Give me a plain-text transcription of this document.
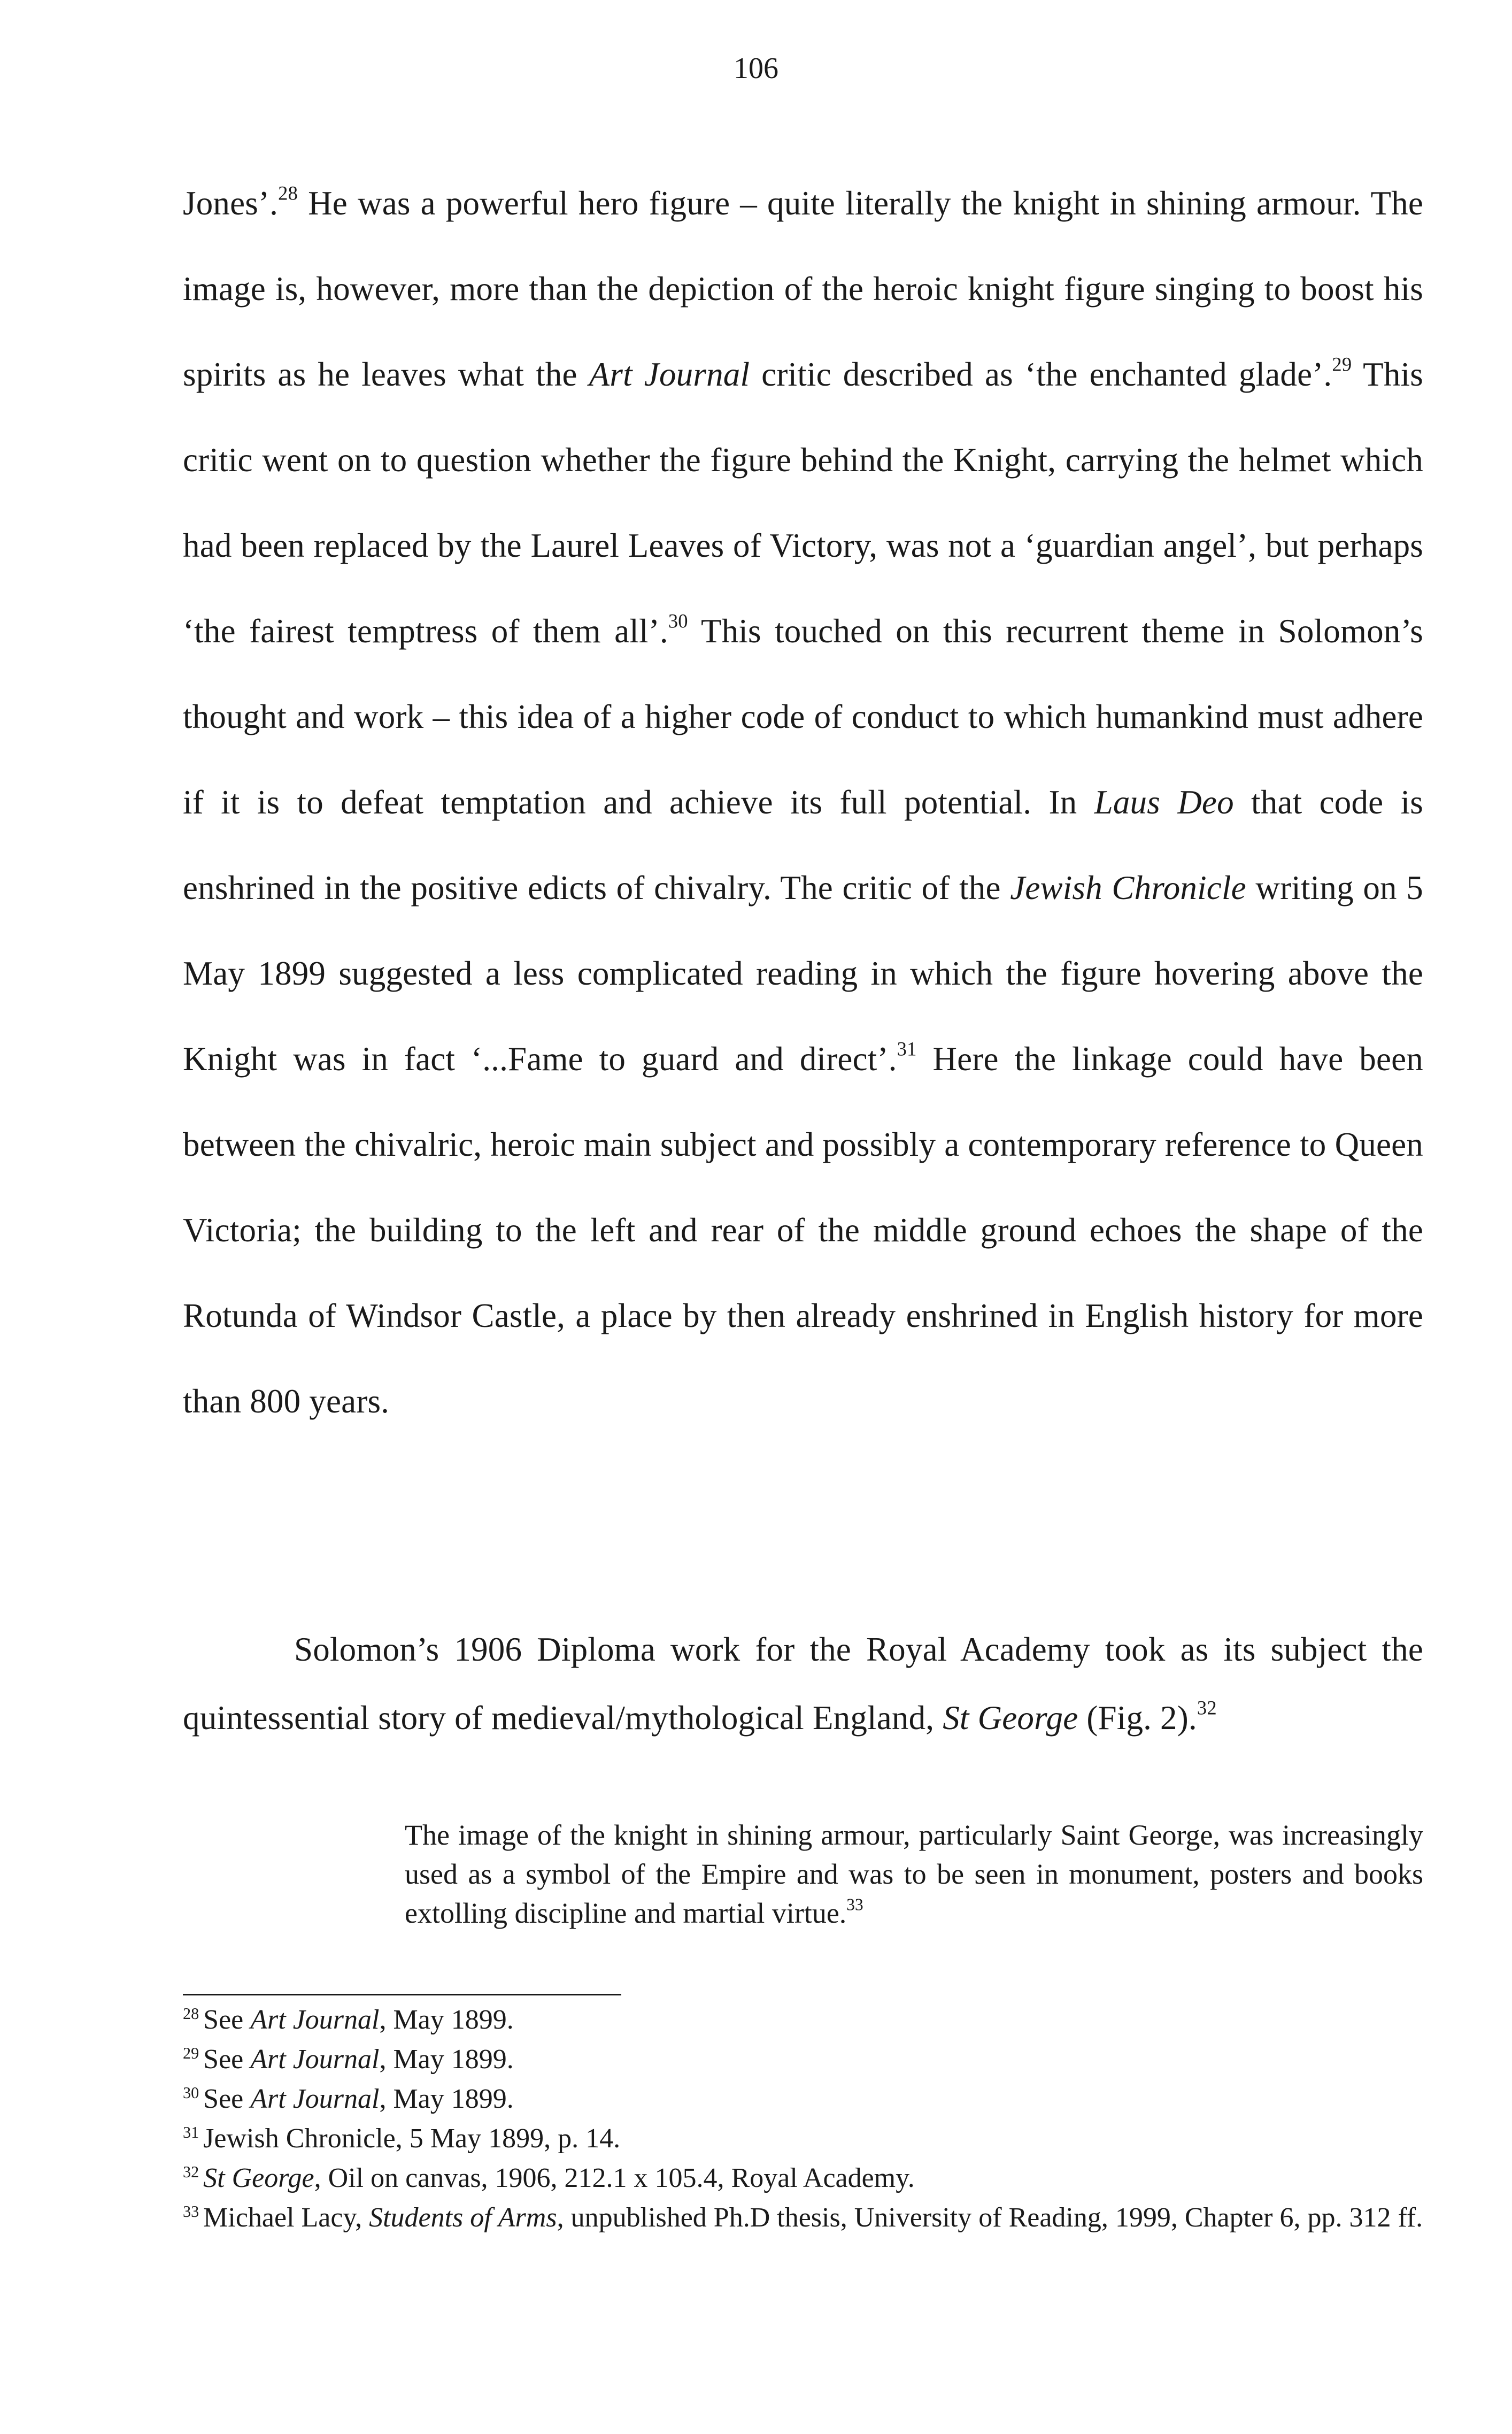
106

Jones’.$^{28}$ He was a powerful hero figure – quite literally the knight in shining armour. The image is, however, more than the depiction of the heroic knight figure singing to boost his spirits as he leaves what the Art Journal critic described as ‘the enchanted glade’.$^{29}$ This critic went on to question whether the figure behind the Knight, carrying the helmet which had been replaced by the Laurel Leaves of Victory, was not a ‘guardian angel’, but perhaps ‘the fairest temptress of them all’.$^{30}$ This touched on this recurrent theme in Solomon’s thought and work – this idea of a higher code of conduct to which humankind must adhere if it is to defeat temptation and achieve its full potential. In Laus Deo that code is enshrined in the positive edicts of chivalry. The critic of the Jewish Chronicle writing on 5 May 1899 suggested a less complicated reading in which the figure hovering above the Knight was in fact ‘...Fame to guard and direct’.$^{31}$ Here the linkage could have been between the chivalric, heroic main subject and possibly a contemporary reference to Queen Victoria; the building to the left and rear of the middle ground echoes the shape of the Rotunda of Windsor Castle, a place by then already enshrined in English history for more than 800 years.

Solomon’s 1906 Diploma work for the Royal Academy took as its subject the quintessential story of medieval/mythological England, St George (Fig. 2).$^{32}$

The image of the knight in shining armour, particularly Saint George, was increasingly used as a symbol of the Empire and was to be seen in monument, posters and books extolling discipline and martial virtue.$^{33}$

$^{28}$ See Art Journal, May 1899.

$^{29}$ See Art Journal, May 1899.

$^{30}$ See Art Journal, May 1899.

$^{31}$ Jewish Chronicle, 5 May 1899, p. 14.

$^{32}$ St George, Oil on canvas, 1906, 212.1 x 105.4, Royal Academy.

$^{33}$ Michael Lacy, Students of Arms, unpublished Ph.D thesis, University of Reading, 1999, Chapter 6, pp. 312 ff.
